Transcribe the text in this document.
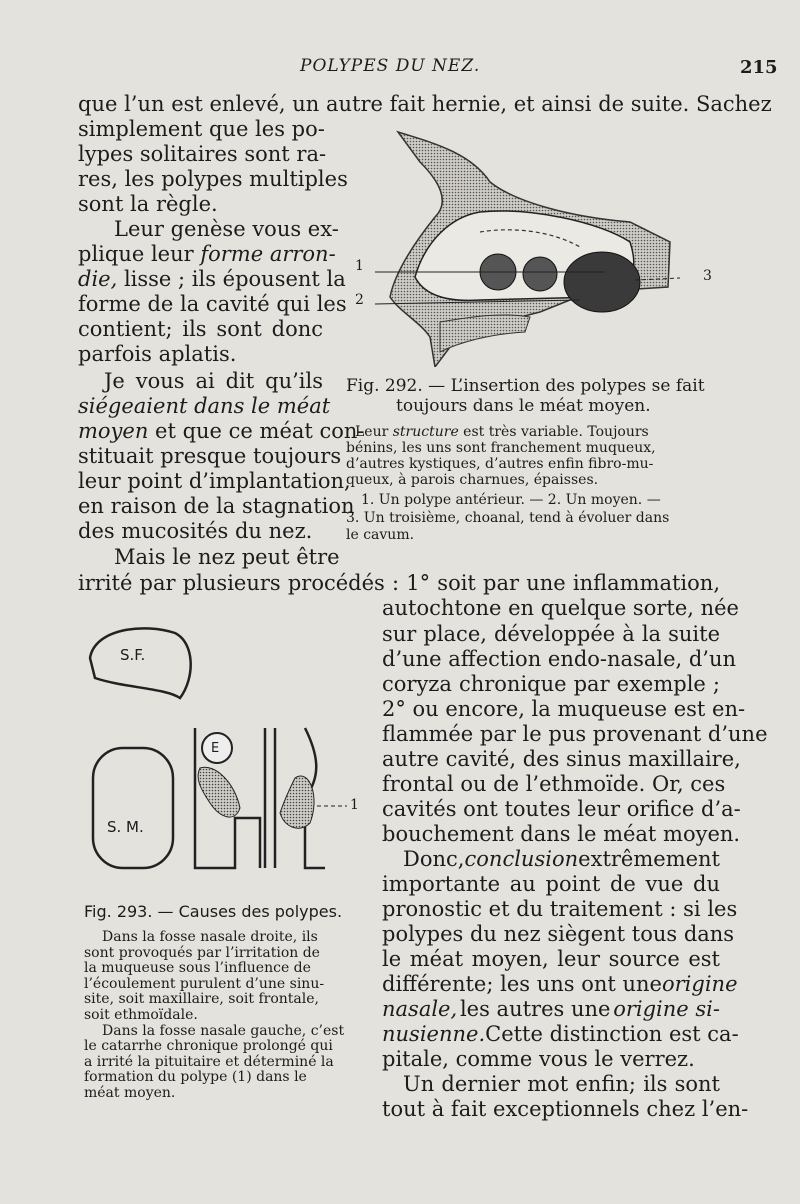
POLYPES DU NEZ.	215
que l’un est enlevé, un autre fait hernie, et ainsi de suite. Sachez
simplement que les po-
lypes solitaires sont ra-
res, les polypes multiples
sont la règle.
Leur genèse vous ex-
plique leur forme arron-
die, lisse ; ils épousent la
forme de la cavité qui les
contient; ils sont donc
parfois aplatis.
Je vous ai dit qu’ils
siégeaient dans le méat
moyen et que ce méat con-
stituait presque toujours
leur point d’implantation,
en raison de la stagnation
des mucosités du nez.
Mais le nez peut être
irrité par plusieurs procédés : 1° soit par une inflammation,
1
2
3
Fig. 292. — L’insertion des polypes se fait
toujours dans le méat moyen.
Leur structure est très variable. Toujours
bénins, les uns sont franchement muqueux,
d’autres kystiques, d’autres enfin fibro-mu-
queux, à parois charnues, épaisses.
1. Un polype antérieur. — 2. Un moyen. —
3. Un troisième, choanal, tend à évoluer dans
le cavum.
autochtone en quelque sorte, née
sur place, développée à la suite
d’une affection endo-nasale, d’un
coryza chronique par exemple ;
2° ou encore, la muqueuse est en-
flammée par le pus provenant d’une
autre cavité, des sinus maxillaire,
frontal ou de l’ethmoïde. Or, ces
cavités ont toutes leur orifice d’a-
bouchement dans le méat moyen.
Donc, conclusion extrêmement
importante au point de vue du
pronostic et du traitement : si les
polypes du nez siègent tous dans
le méat moyen, leur source est
différente; les uns ont une origine
nasale, les autres une origine si-
nusienne. Cette distinction est ca-
pitale, comme vous le verrez.
Un dernier mot enfin; ils sont
tout à fait exceptionnels chez l’en-
S.F.
S. M.
E
1
Fig. 293. — Causes des polypes.
Dans la fosse nasale droite, ils
sont provoqués par l’irritation de
la muqueuse sous l’influence de
l’écoulement purulent d’une sinu-
site, soit maxillaire, soit frontale,
soit ethmoïdale.
Dans la fosse nasale gauche, c’est
le catarrhe chronique prolongé qui
a irrité la pituitaire et déterminé la
formation du polype (1) dans le
méat moyen.
